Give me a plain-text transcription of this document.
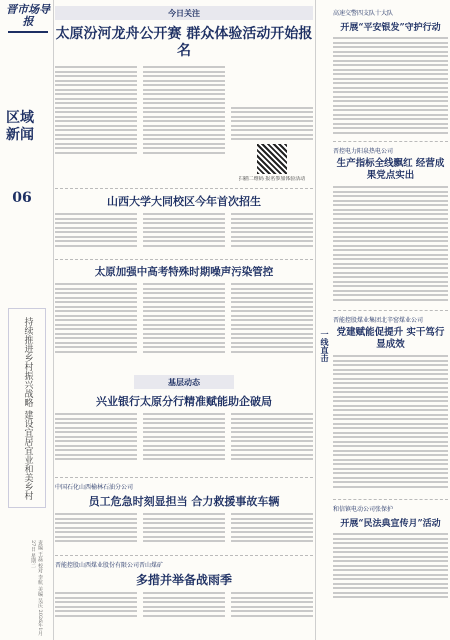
晋市场导报
区域新闻
06
持续推进乡村振兴战略 建设宜居宜业和美乡村
责编 王磊 校对 李航 美编 吴庆 2026年1月27日 星期二
今日关注
太原汾河龙舟公开赛 群众体验活动开始报名
扫描二维码 报名参加体验活动
山西大学大同校区今年首次招生
太原加强中高考特殊时期噪声污染管控
基层动态
兴业银行太原分行精准赋能助企破局
中国石化山西榆林石油分公司
员工危急时刻显担当 合力救援事故车辆
晋能控股山西煤业股份有限公司晋山煤矿
多措并举备战雨季
一线直击
高速交警四支队十大队
开展“平安银发”守护行动
晋控电力阳泉热电公司
生产指标全线飘红 经营成果党点实出
晋能控股煤业集团北辛窑煤业公司
党建赋能促提升 实干笃行显成效
和信镇电动公司张保护
开展“民法典宣传月”活动
